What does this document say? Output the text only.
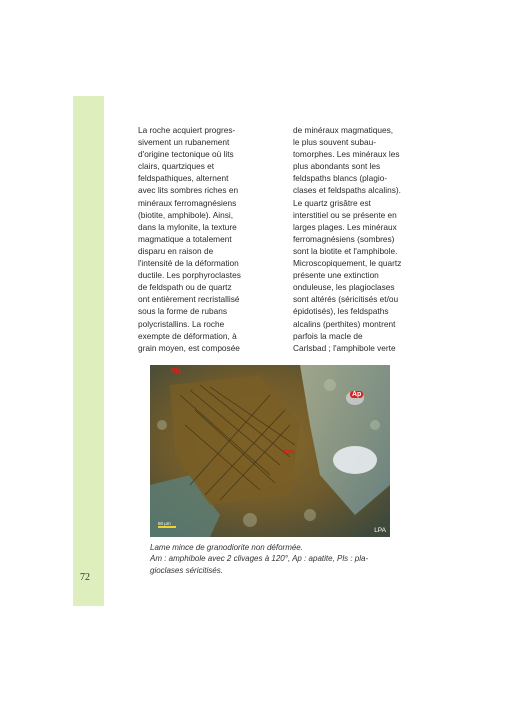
72
La roche acquiert progres-
sivement un rubanement
d'origine tectonique où lits
clairs, quartziques et
feldspathiques, alternent
avec lits sombres riches en
minéraux ferromagnésiens
(biotite, amphibole). Ainsi,
dans la mylonite, la texture
magmatique a totalement
disparu en raison de
l'intensité de la déformation
ductile. Les porphyroclastes
de feldspath ou de quartz
ont entièrement recristallisé
sous la forme de rubans
polycristallins. La roche
exempte de déformation, à
grain moyen, est composée
de minéraux magmatiques,
le plus souvent subau-
tomorphes. Les minéraux les
plus abondants sont les
feldspaths blancs (plagio-
clases et feldspaths alcalins).
Le quartz grisâtre est
interstitiel ou se présente en
larges plages. Les minéraux
ferromagnésiens (sombres)
sont la biotite et l'amphibole.
Microscopiquement, le quartz
présente une extinction
onduleuse, les plagioclases
sont altérés (séricitisés et/ou
épidotisés), les feldspaths
alcalins (perthites) montrent
parfois la macle de
Carlsbad ; l'amphibole verte
Pls
Ap
Am
LPA
50 µm
Lame mince de granodiorite non déformée.
Am : amphibole avec 2 clivages à 120°, Ap : apatite, Pls : pla-
gioclases séricitisés.
